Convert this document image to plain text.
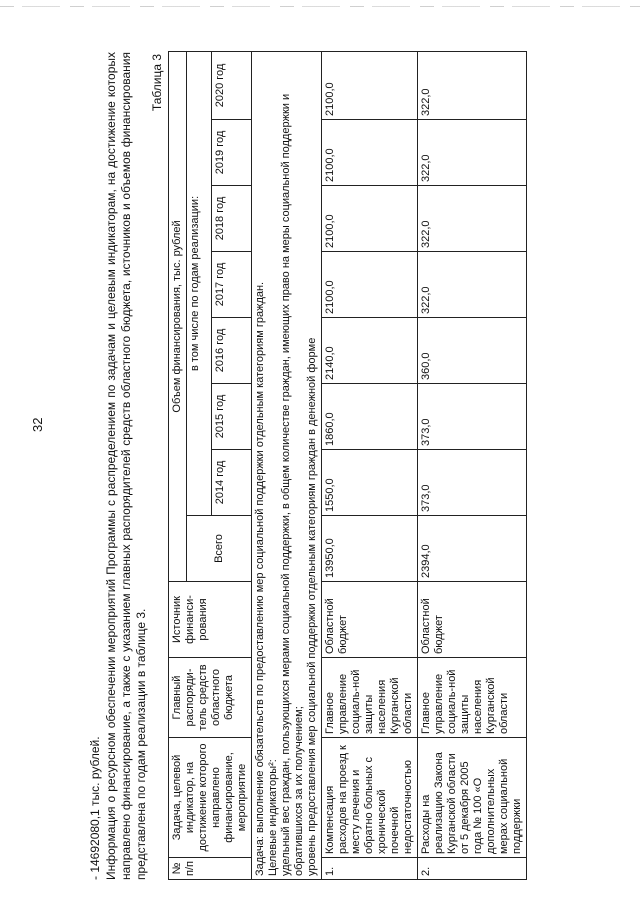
32
- 14692080,1 тыс. рублей. Информация о ресурсном обеспечении мероприятий Программы с распределением по задачам и целевым индикаторам, на достижение которых направлено финансирование, а также с указанием главных распорядителей средств областного бюджета, источников и объемов финансирования представлена по годам реализации в таблице 3.
Таблица 3
№ п/п	Задача, целевой индикатор, на достижение которого направлено финансирование, мероприятие	Главный распоряди-тель средств областного бюджета	Источник финанси-рования	Объем финансирования, тыс. рублей							
				Всего	в том числе по годам реализации:						
					2014 год	2015 год	2016 год	2017 год	2018 год	2019 год	2020 год

Задача: выполнение обязательств по предоставлению мер социальной поддержки отдельным категориям граждан. Целевые индикаторы²: удельный вес граждан, пользующихся мерами социальной поддержки, в общем количестве граждан, имеющих право на меры социальной поддержки и обратившихся за их получением; уровень предоставления мер социальной поддержки отдельным категориям граждан в денежной форме											

1.	Компенсация расходов на проезд к месту лечения и обратно больных с хронической почечной недостаточностью	Главное управление социаль-ной защиты населения Курганской области	Областной бюджет	13950,0	1550,0	1860,0	2140,0	2100,0	2100,0	2100,0	2100,0
2.	Расходы на реализацию Закона Курганской области от 5 декабря 2005 года № 100 «О дополнительных мерах социальной поддержки	Главное управление социаль-ной защиты населения Курганской области	Областной бюджет	2394,0	373,0	373,0	360,0	322,0	322,0	322,0	322,0
